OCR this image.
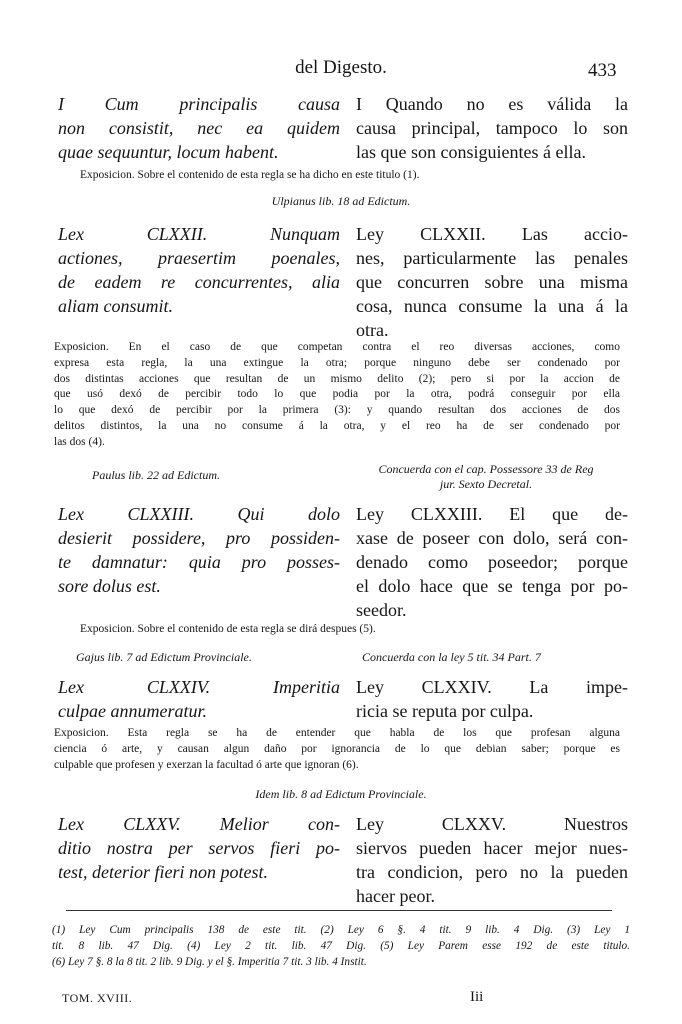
del Digesto.	433
I Cum principalis causa
non consistit, nec ea quidem
quae sequuntur, locum habent.
I Quando no es válida la
causa principal, tampoco lo son
las que son consiguientes á ella.
Exposicion. Sobre el contenido de esta regla se ha dicho en este titulo (1).
Ulpianus lib. 18 ad Edictum.
Lex CLXXII. Nunquam
actiones, praesertim poenales,
de eadem re concurrentes, alia
aliam consumit.
Ley CLXXII. Las accio-
nes, particularmente las penales
que concurren sobre una misma
cosa, nunca consume la una á la
otra.
Exposicion. En el caso de que competan contra el reo diversas acciones, como
expresa esta regla, la una extingue la otra; porque ninguno debe ser condenado por
dos distintas acciones que resultan de un mismo delito (2); pero si por la accion de
que usó dexó de percibir todo lo que podia por la otra, podrá conseguir por ella
lo que dexó de percibir por la primera (3): y quando resultan dos acciones de dos
delitos distintos, la una no consume á la otra, y el reo ha de ser condenado por
las dos (4).
Paulus lib. 22 ad Edictum.	Concuerda con el cap. Possessore 33 de Reg
jur. Sexto Decretal.
Lex CLXXIII. Qui dolo
desierit possidere, pro possiden-
te damnatur: quia pro posses-
sore dolus est.
Ley CLXXIII. El que de-
xase de poseer con dolo, será con-
denado como poseedor; porque
el dolo hace que se tenga por po-
seedor.
Exposicion. Sobre el contenido de esta regla se dirá despues (5).
Gajus lib. 7 ad Edictum Provinciale.	Concuerda con la ley 5 tit. 34 Part. 7
Lex CLXXIV. Imperitia
culpae annumeratur.
Ley CLXXIV. La impe-
ricia se reputa por culpa.
Exposicion. Esta regla se ha de entender que habla de los que profesan alguna
ciencia ó arte, y causan algun daño por ignorancia de lo que debian saber; porque es
culpable que profesen y exerzan la facultad ó arte que ignoran (6).
Idem lib. 8 ad Edictum Provinciale.
Lex CLXXV. Melior con-
ditio nostra per servos fieri po-
test, deterior fieri non potest.
Ley CLXXV. Nuestros
siervos pueden hacer mejor nues-
tra condicion, pero no la pueden
hacer peor.
(1) Ley Cum principalis 138 de este tit. (2) Ley 6 §. 4 tit. 9 lib. 4 Dig. (3) Ley 1
tit. 8 lib. 47 Dig. (4) Ley 2 tit. lib. 47 Dig. (5) Ley Parem esse 192 de este titulo.
(6) Ley 7 §. 8 la 8 tit. 2 lib. 9 Dig. y el §. Imperitia 7 tit. 3 lib. 4 Instit.
TOM. XVIII.	Iii
